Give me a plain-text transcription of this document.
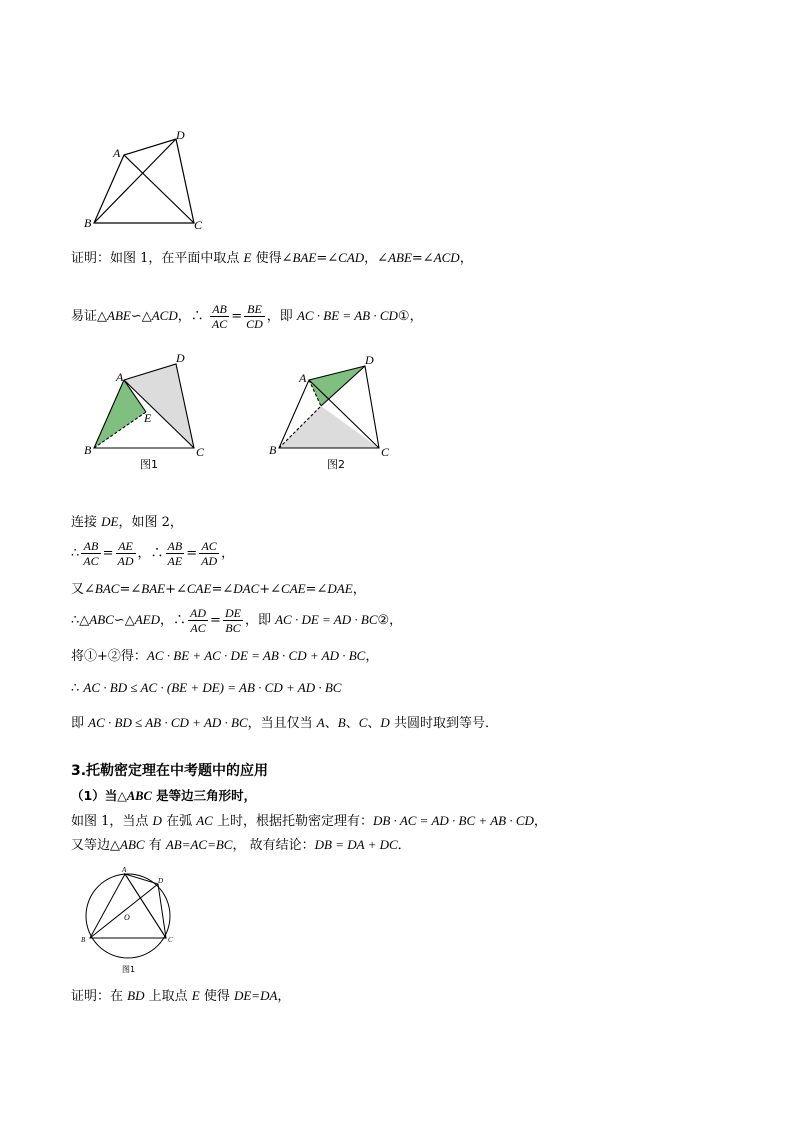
A
D
B	C
证明：如图 1，在平面中取点 E 使得∠BAE=∠CAD，∠ABE=∠ACD，
易证△ABE∽△ACD，∴ $\frac{AB}{AC} = \frac{BE}{CD}$ ，即 AC · BE = AB · CD①，
A
D
B	C
E
图1
A
D
B	C
图2
连接 DE，如图 2，
∴ $\frac{AB}{AC} = \frac{AE}{AD}$ ，∴ $\frac{AB}{AE} = \frac{AC}{AD}$ ，
又∠BAC=∠BAE+∠CAE=∠DAC+∠CAE=∠DAE，
∴△ABC∽△AED，∴ $\frac{AD}{AC} = \frac{DE}{BC}$ ，即 AC · DE = AD · BC②，
将①+②得：AC · BE + AC · DE = AB · CD + AD · BC，
∴ AC · BD ≤ AC · (BE + DE) = AB · CD + AD · BC
即 AC · BD ≤ AB · CD + AD · BC，当且仅当 A、B、C、D 共圆时取到等号．
3.托勒密定理在中考题中的应用
（1）当△ABC 是等边三角形时，
如图 1，当点 D 在弧 AC 上时，根据托勒密定理有：DB · AC = AD · BC + AB · CD，
又等边△ABC 有 AB=AC=BC， 故有结论：DB = DA + DC．
A
D
B	C
O
图1
证明：在 BD 上取点 E 使得 DE=DA，
